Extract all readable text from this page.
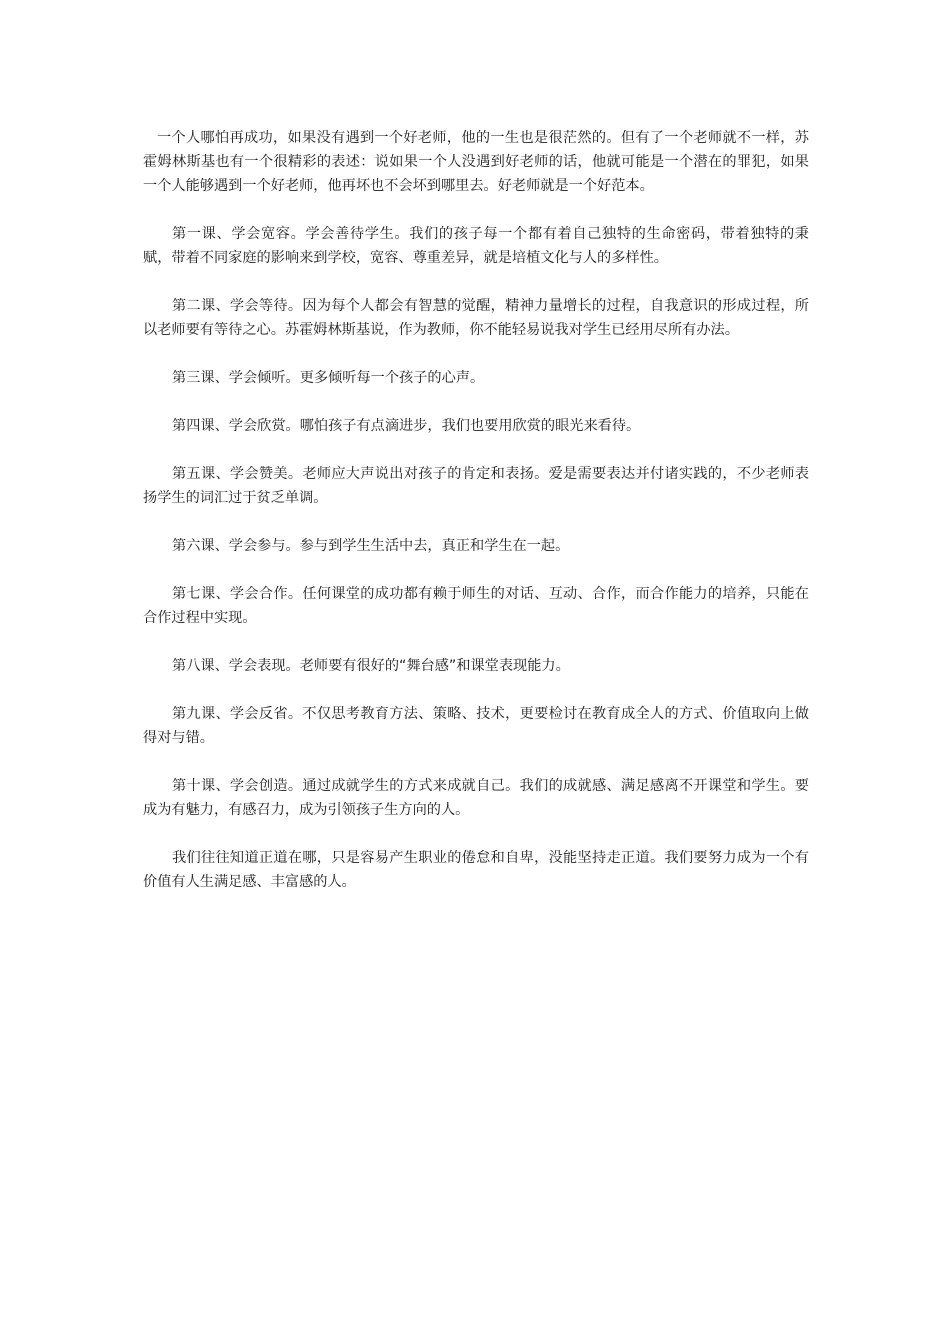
一个人哪怕再成功，如果没有遇到一个好老师，他的一生也是很茫然的。但有了一个老师就不一样，苏霍姆林斯基也有一个很精彩的表述：说如果一个人没遇到好老师的话，他就可能是一个潜在的罪犯，如果一个人能够遇到一个好老师，他再坏也不会坏到哪里去。好老师就是一个好范本。

第一课、学会宽容。学会善待学生。我们的孩子每一个都有着自己独特的生命密码，带着独特的秉赋，带着不同家庭的影响来到学校，宽容、尊重差异，就是培植文化与人的多样性。

第二课、学会等待。因为每个人都会有智慧的觉醒，精神力量增长的过程，自我意识的形成过程，所以老师要有等待之心。苏霍姆林斯基说，作为教师，你不能轻易说我对学生已经用尽所有办法。

第三课、学会倾听。更多倾听每一个孩子的心声。

第四课、学会欣赏。哪怕孩子有点滴进步，我们也要用欣赏的眼光来看待。

第五课、学会赞美。老师应大声说出对孩子的肯定和表扬。爱是需要表达并付诸实践的，不少老师表扬学生的词汇过于贫乏单调。

第六课、学会参与。参与到学生生活中去，真正和学生在一起。

第七课、学会合作。任何课堂的成功都有赖于师生的对话、互动、合作，而合作能力的培养，只能在合作过程中实现。

第八课、学会表现。老师要有很好的“舞台感”和课堂表现能力。

第九课、学会反省。不仅思考教育方法、策略、技术，更要检讨在教育成全人的方式、价值取向上做得对与错。

第十课、学会创造。通过成就学生的方式来成就自己。我们的成就感、满足感离不开课堂和学生。要成为有魅力，有感召力，成为引领孩子生方向的人。

我们往往知道正道在哪，只是容易产生职业的倦怠和自卑，没能坚持走正道。我们要努力成为一个有价值有人生满足感、丰富感的人。
